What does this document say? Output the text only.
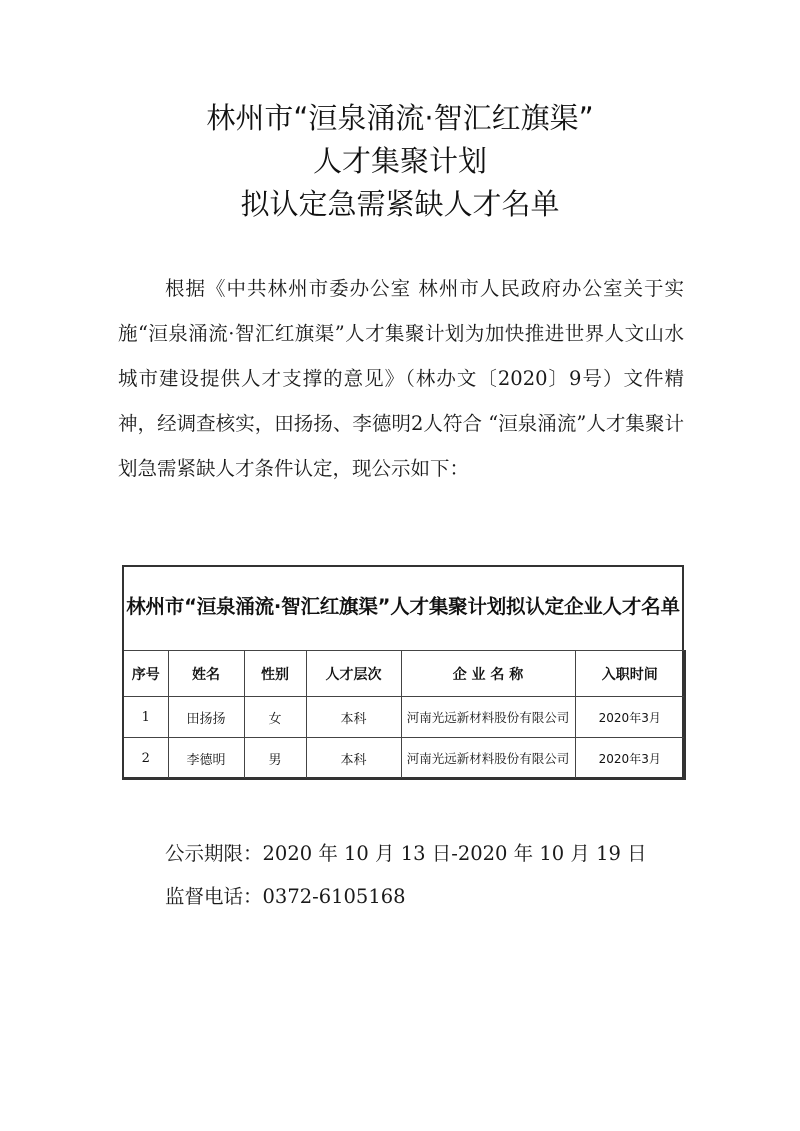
林州市“洹泉涌流·智汇红旗渠”
人才集聚计划
拟认定急需紧缺人才名单
根据《中共林州市委办公室 林州市人民政府办公室关于实施“洹泉涌流·智汇红旗渠”人才集聚计划为加快推进世界人文山水城市建设提供人才支撑的意见》（林办文〔2020〕9号）文件精神，经调查核实，田扬扬、李德明2人符合 “洹泉涌流”人才集聚计划急需紧缺人才条件认定，现公示如下：
林州市“洹泉涌流·智汇红旗渠”人才集聚计划拟认定企业人才名单
序号	姓名	性别	人才层次	企 业 名 称	入职时间
1	田扬扬	女	本科	河南光远新材料股份有限公司	2020年3月
2	李德明	男	本科	河南光远新材料股份有限公司	2020年3月
公示期限：2020 年 10 月 13 日-2020 年 10 月 19 日
监督电话：0372-6105168
